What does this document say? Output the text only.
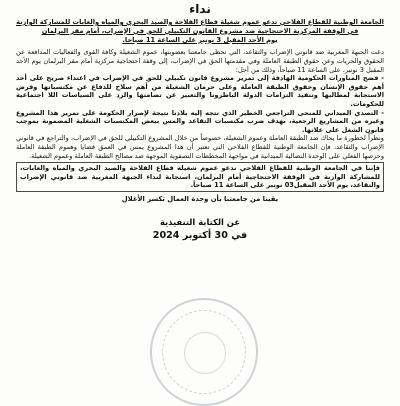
نداء
الجامعة الوطنية للقطاع الفلاحي تدعو عموم شغيلة قطاع الفلاحة والصيد البحري والمياه والغابات للمشاركة الوازنة
في الوقفة المركزية الاحتجاجية ضد مشروع القانون التكبيلي للحق في الإضراب، أمام مقر البرلمان
يوم الأحد المقبل 3 نونبر على الساعة 11 صباحا.

دعت الجبهة المغربية ضد قانوني الإضراب والتقاعد، التي تحظى جامعتنا بعضويتها، عموم الشغيلة وكافة القوى والفعاليات المدافعة عن الحقوق والحريات وعن حقوق الطبقة العاملة وفي مقدمتها الحق في الإضراب، إلى وقفة احتجاجية مركزية أمام مقر البرلمان يوم الأحد المقبل 3 نونبر، على الساعة 11 صباحاً، وذلك من أجل:

- فضح المناورات الحكومية الهادفة إلى تمرير مشروع قانون تكبيلي للحق في الإضراب في اعتداء صريح على أحد أهم حقوق الإنسان وحقوق الطبقة العاملة وعلى حرمان الشغيلة من أهم سلاح للدفاع عن مكتسباتها وفرض الاستجابة لمطالبها وتنفيذ التزامات الدولة الباطرونا والتعبير عن تضامنها والرد على السياسات اللا اجتماعية للحكومات.

- التصدي الميداني للمنحى التراجعي الخطير الذي تتجه إليه بلادنا نتيجة لإصرار الحكومة على تمرير هذا المشروع وغيره من المشاريع الرجعية، بهدف ضرب مكتسبات التقاعد والمس ببعض المكتسبات الشغلية المضمونة بموجب قانون الشغل على علاتها.

ونظراً لخطورة ما يحاك ضد الطبقة العاملة وعموم الشغيلة، خصوصاً من خلال المشروع التكبيلي للحق في الإضراب، والتراجع في قانوني الإضراب والتقاعد، فإن الجامعة الوطنية للقطاع الفلاحي التي تعتبر أن هذا المشروع يمس في العمق قضايا وهموم الطبقة العاملة وحرصها الفعلي على الوحدة النضالية الميدانية في مواجهة المخططات التصفوية الموجهة ضد مصالح الطبقة العاملة وعموم الشغيلة.

فإننا في الجامعة الوطنية للقطاع الفلاحي ندعو عموم شغيلة قطاع الفلاحة والصيد البحري والمياه والغابات، للمشاركة الوازنة في الوقفة الاحتجاجية أمام البرلمان، استجابة لنداء الجبهة المغربية ضد قانوني الإضراب والتقاعد، يوم الأحد المقبل03 نونبر على الساعة 11 صباحاً.

يقينا من جامعتنا بأن وحدة العمال تكسر الأغلال
عن الكتابة التنفيذية
في 30 أكتوبر 2024
